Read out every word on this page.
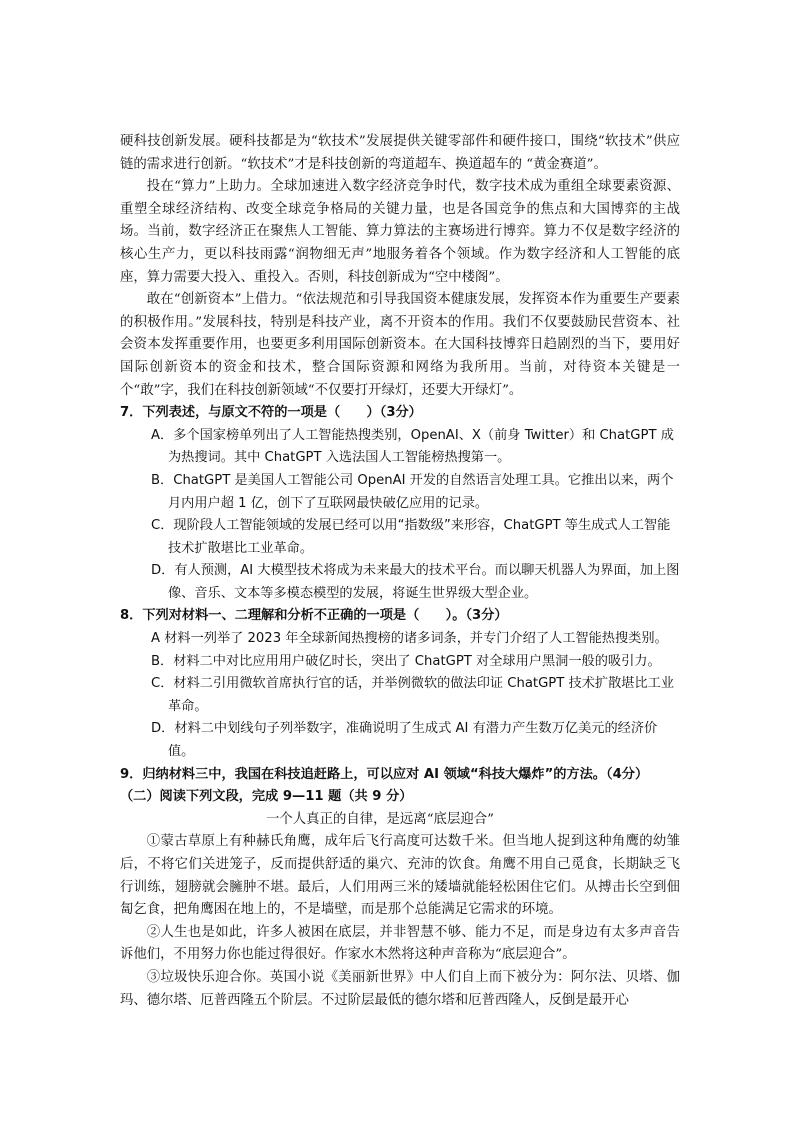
硬科技创新发展。硬科技都是为“软技术”发展提供关键零部件和硬件接口，围绕“软技术”供应链的需求进行创新。“软技术”才是科技创新的弯道超车、换道超车的 “黄金赛道”。

投在“算力”上助力。全球加速进入数字经济竞争时代，数字技术成为重组全球要素资源、重塑全球经济结构、改变全球竞争格局的关键力量，也是各国竞争的焦点和大国博弈的主战场。当前，数字经济正在聚焦人工智能、算力算法的主赛场进行博弈。算力不仅是数字经济的核心生产力，更以科技雨露“润物细无声”地服务着各个领域。作为数字经济和人工智能的底座，算力需要大投入、重投入。否则，科技创新成为“空中楼阁”。

敢在“创新资本”上借力。“依法规范和引导我国资本健康发展，发挥资本作为重要生产要素的积极作用。”发展科技，特别是科技产业，离不开资本的作用。我们不仅要鼓励民营资本、社会资本发挥重要作用，也要更多利用国际创新资本。在大国科技博弈日趋剧烈的当下，要用好国际创新资本的资金和技术，整合国际资源和网络为我所用。当前，对待资本关键是一个“敢”字，我们在科技创新领域“不仅要打开绿灯，还要大开绿灯”。

7．下列表述，与原文不符的一项是（　　）（3分）

A．多个国家榜单列出了人工智能热搜类别，OpenAI、X（前身 Twitter）和 ChatGPT 成为热搜词。其中 ChatGPT 入选法国人工智能榜热搜第一。

B．ChatGPT 是美国人工智能公司 OpenAI 开发的自然语言处理工具。它推出以来，两个月内用户超 1 亿，创下了互联网最快破亿应用的记录。

C．现阶段人工智能领域的发展已经可以用“指数级”来形容，ChatGPT 等生成式人工智能技术扩散堪比工业革命。

D．有人预测，AI 大模型技术将成为未来最大的技术平台。而以聊天机器人为界面，加上图像、音乐、文本等多模态模型的发展，将诞生世界级大型企业。

8．下列对材料一、二理解和分析不正确的一项是（　　）。（3分）

A 材料一列举了 2023 年全球新闻热搜榜的诸多词条，并专门介绍了人工智能热搜类别。

B．材料二中对比应用用户破亿时长，突出了 ChatGPT 对全球用户黑洞一般的吸引力。

C．材料二引用微软首席执行官的话，并举例微软的做法印证 ChatGPT 技术扩散堪比工业革命。

D．材料二中划线句子列举数字，准确说明了生成式 AI 有潜力产生数万亿美元的经济价值。

9．归纳材料三中，我国在科技追赶路上，可以应对 AI 领域“科技大爆炸”的方法。（4分）

（二）阅读下列文段，完成 9—11 题（共 9 分）

一个人真正的自律，是远离“底层迎合”

①蒙古草原上有种赫氏角鹰，成年后飞行高度可达数千米。但当地人捉到这种角鹰的幼雏后，不将它们关进笼子，反而提供舒适的巢穴、充沛的饮食。角鹰不用自己觅食，长期缺乏飞行训练，翅膀就会臃肿不堪。最后，人们用两三米的矮墙就能轻松困住它们。从搏击长空到佃匐乞食，把角鹰困在地上的，不是墙壁，而是那个总能满足它需求的环境。

②人生也是如此，许多人被困在底层，并非智慧不够、能力不足，而是身边有太多声音告诉他们，不用努力你也能过得很好。作家水木然将这种声音称为“底层迎合”。

③垃圾快乐迎合你。英国小说《美丽新世界》中人们自上而下被分为：阿尔法、贝塔、伽玛、德尔塔、厄普西隆五个阶层。不过阶层最低的德尔塔和厄普西隆人，反倒是最开心
